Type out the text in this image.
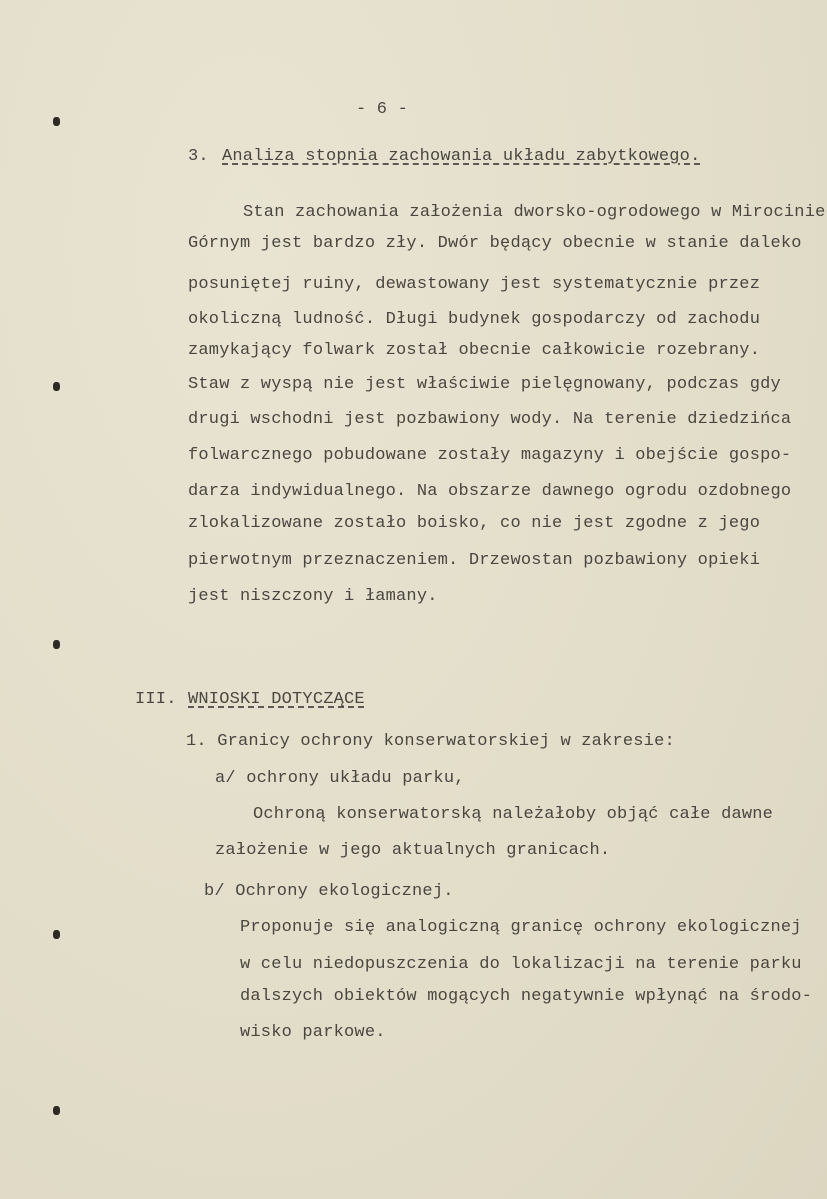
- 6 -
3. Analiza stopnia zachowania układu zabytkowego.
Stan zachowania założenia dworsko-ogrodowego w Mirocinie
Górnym jest bardzo zły. Dwór będący obecnie w stanie daleko
posuniętej ruiny, dewastowany jest systematycznie przez
okoliczną ludność. Długi budynek gospodarczy od zachodu
zamykający folwark został obecnie całkowicie rozebrany.
Staw z wyspą nie jest właściwie pielęgnowany, podczas gdy
drugi wschodni jest pozbawiony wody. Na terenie dziedzińca
folwarcznego pobudowane zostały magazyny i obejście gospo-
darza indywidualnego. Na obszarze dawnego ogrodu ozdobnego
zlokalizowane zostało boisko, co nie jest zgodne z jego
pierwotnym przeznaczeniem. Drzewostan pozbawiony opieki
jest niszczony i łamany.
III. WNIOSKI DOTYCZĄCE
1. Granicy ochrony konserwatorskiej w zakresie:
a/ ochrony układu parku,
Ochroną konserwatorską należałoby objąć całe dawne
założenie w jego aktualnych granicach.
b/ Ochrony ekologicznej.
Proponuje się analogiczną granicę ochrony ekologicznej
w celu niedopuszczenia do lokalizacji na terenie parku
dalszych obiektów mogących negatywnie wpłynąć na środo-
wisko parkowe.
